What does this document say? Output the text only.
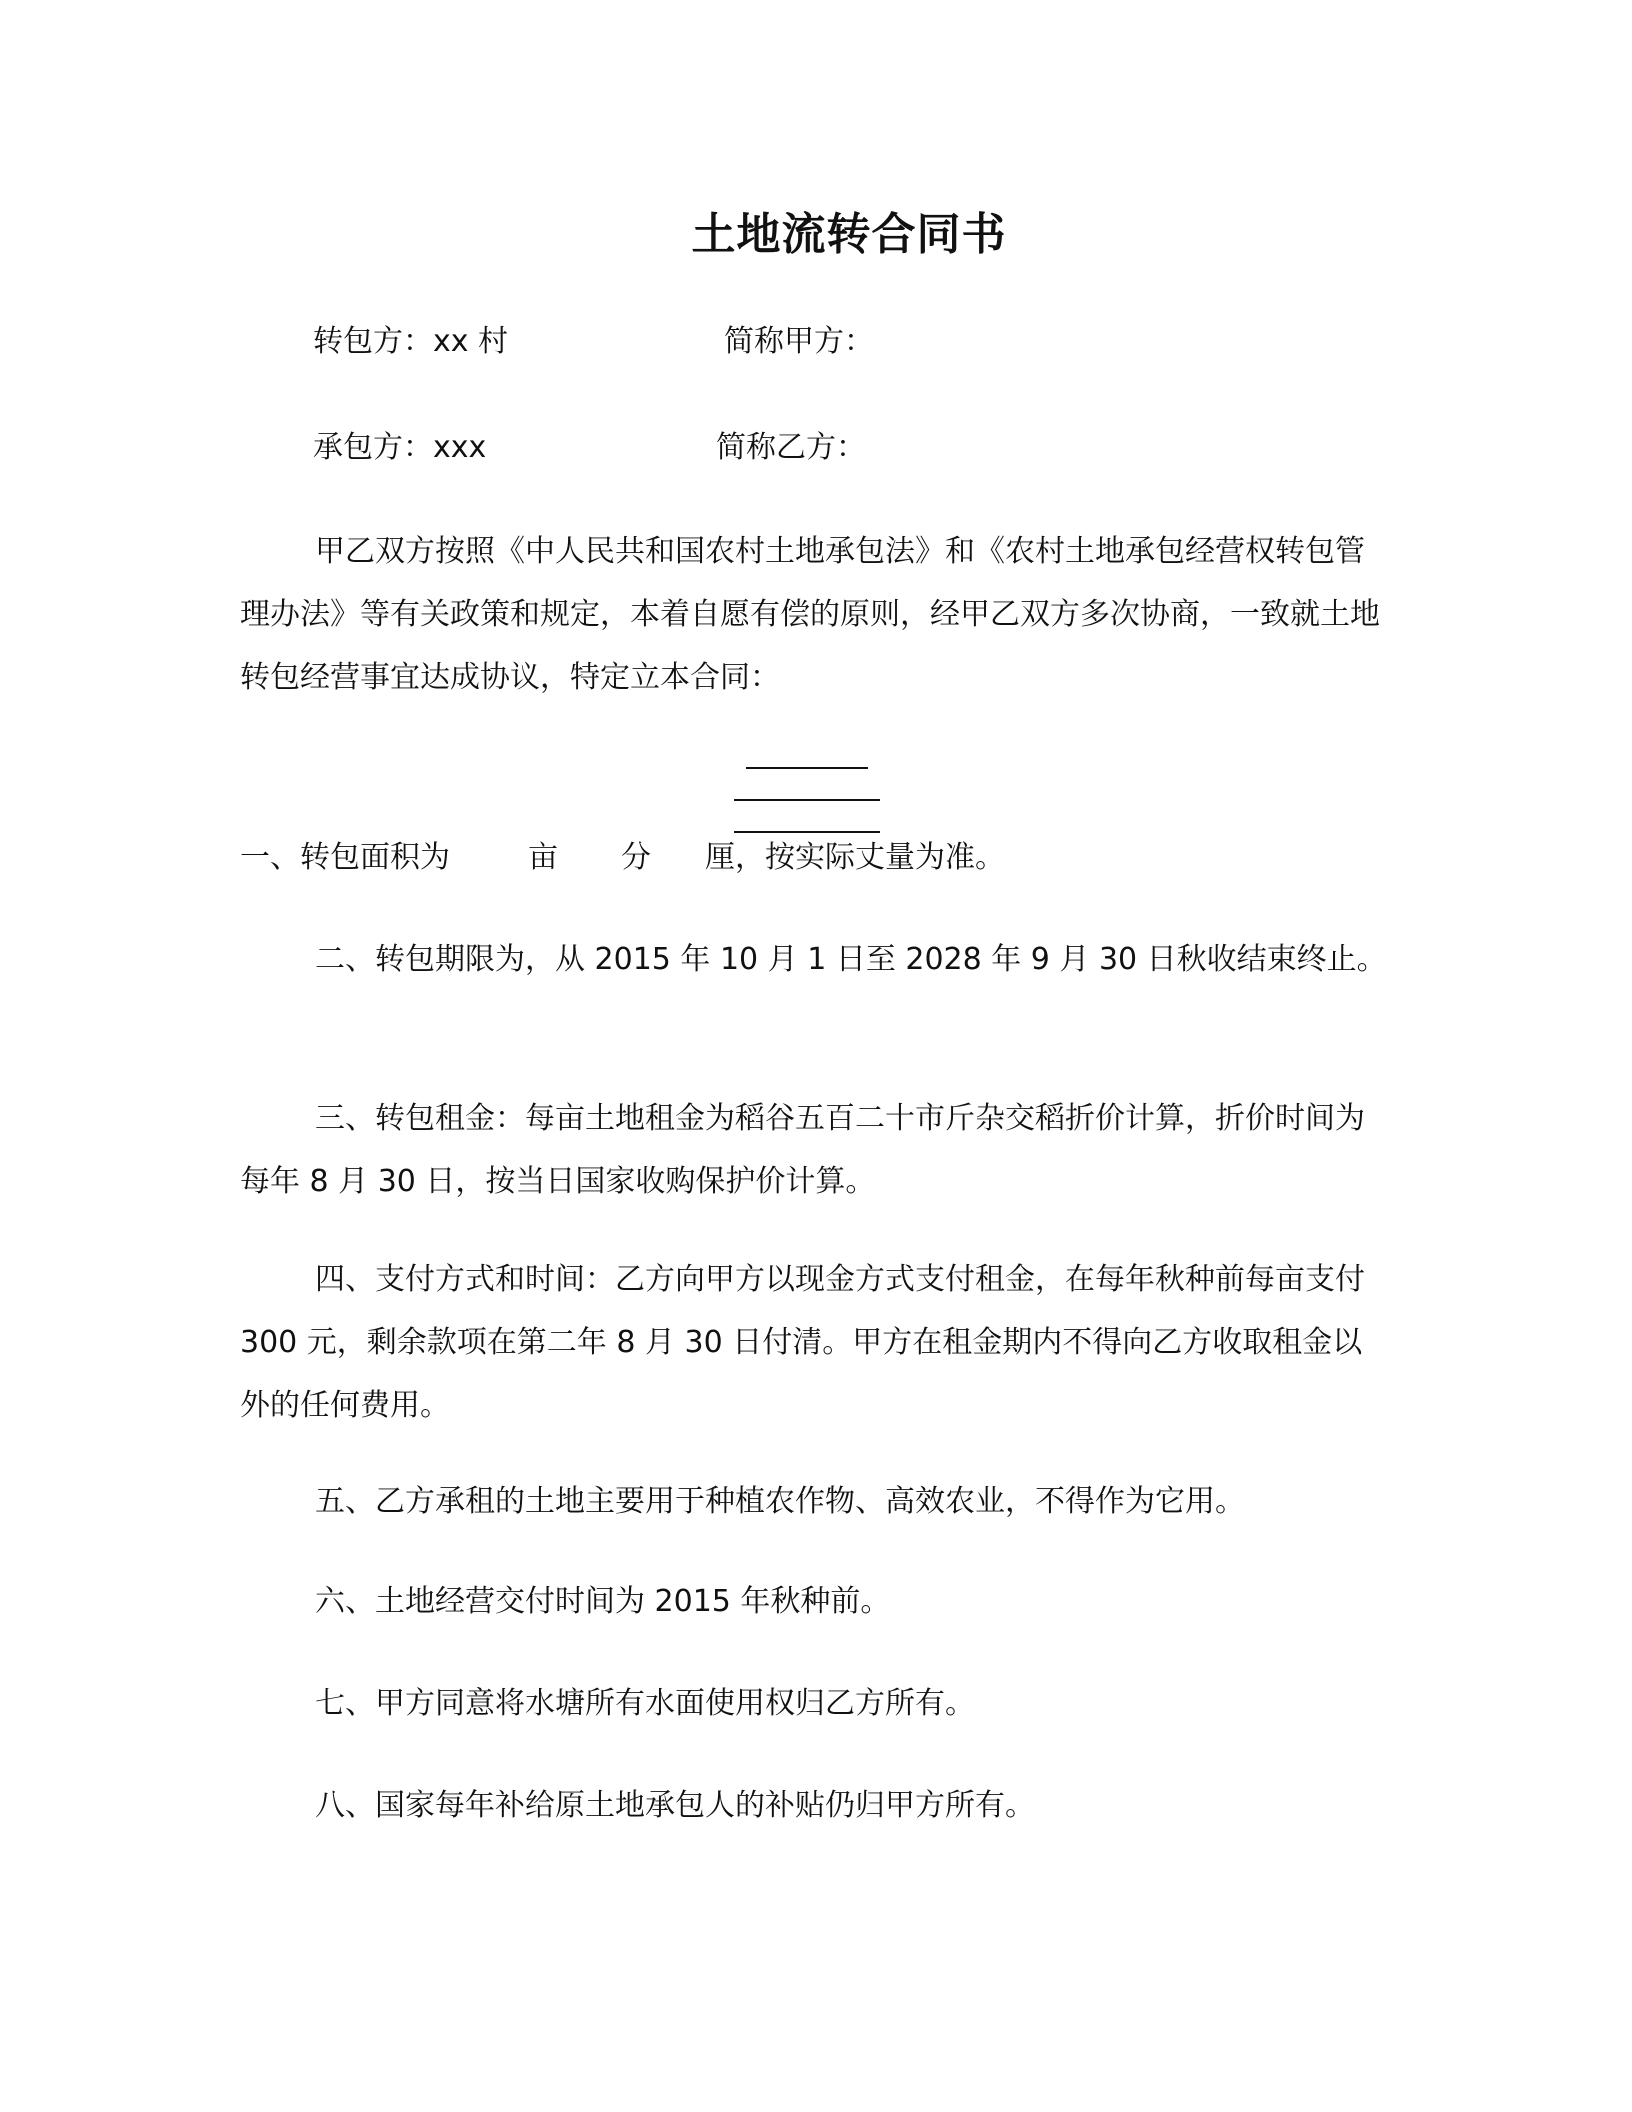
土地流转合同书
转包方：xx 村	简称甲方：
承包方：xxx	简称乙方：
甲乙双方按照《中人民共和国农村土地承包法》和《农村土地承包经营权转包管理办法》等有关政策和规定，本着自愿有偿的原则，经甲乙双方多次协商，一致就土地转包经营事宜达成协议，特定立本合同：
一、转包面积为	亩 分 厘，按实际丈量为准。
二、转包期限为，从 2015 年 10 月 1 日至 2028 年 9 月 30 日秋收结束终止。
三、转包租金：每亩土地租金为稻谷五百二十市斤杂交稻折价计算，折价时间为每年 8 月 30 日，按当日国家收购保护价计算。
四、支付方式和时间：乙方向甲方以现金方式支付租金，在每年秋种前每亩支付 300 元，剩余款项在第二年 8 月 30 日付清。甲方在租金期内不得向乙方收取租金以外的任何费用。
五、乙方承租的土地主要用于种植农作物、高效农业，不得作为它用。
六、土地经营交付时间为 2015 年秋种前。
七、甲方同意将水塘所有水面使用权归乙方所有。
八、国家每年补给原土地承包人的补贴仍归甲方所有。
